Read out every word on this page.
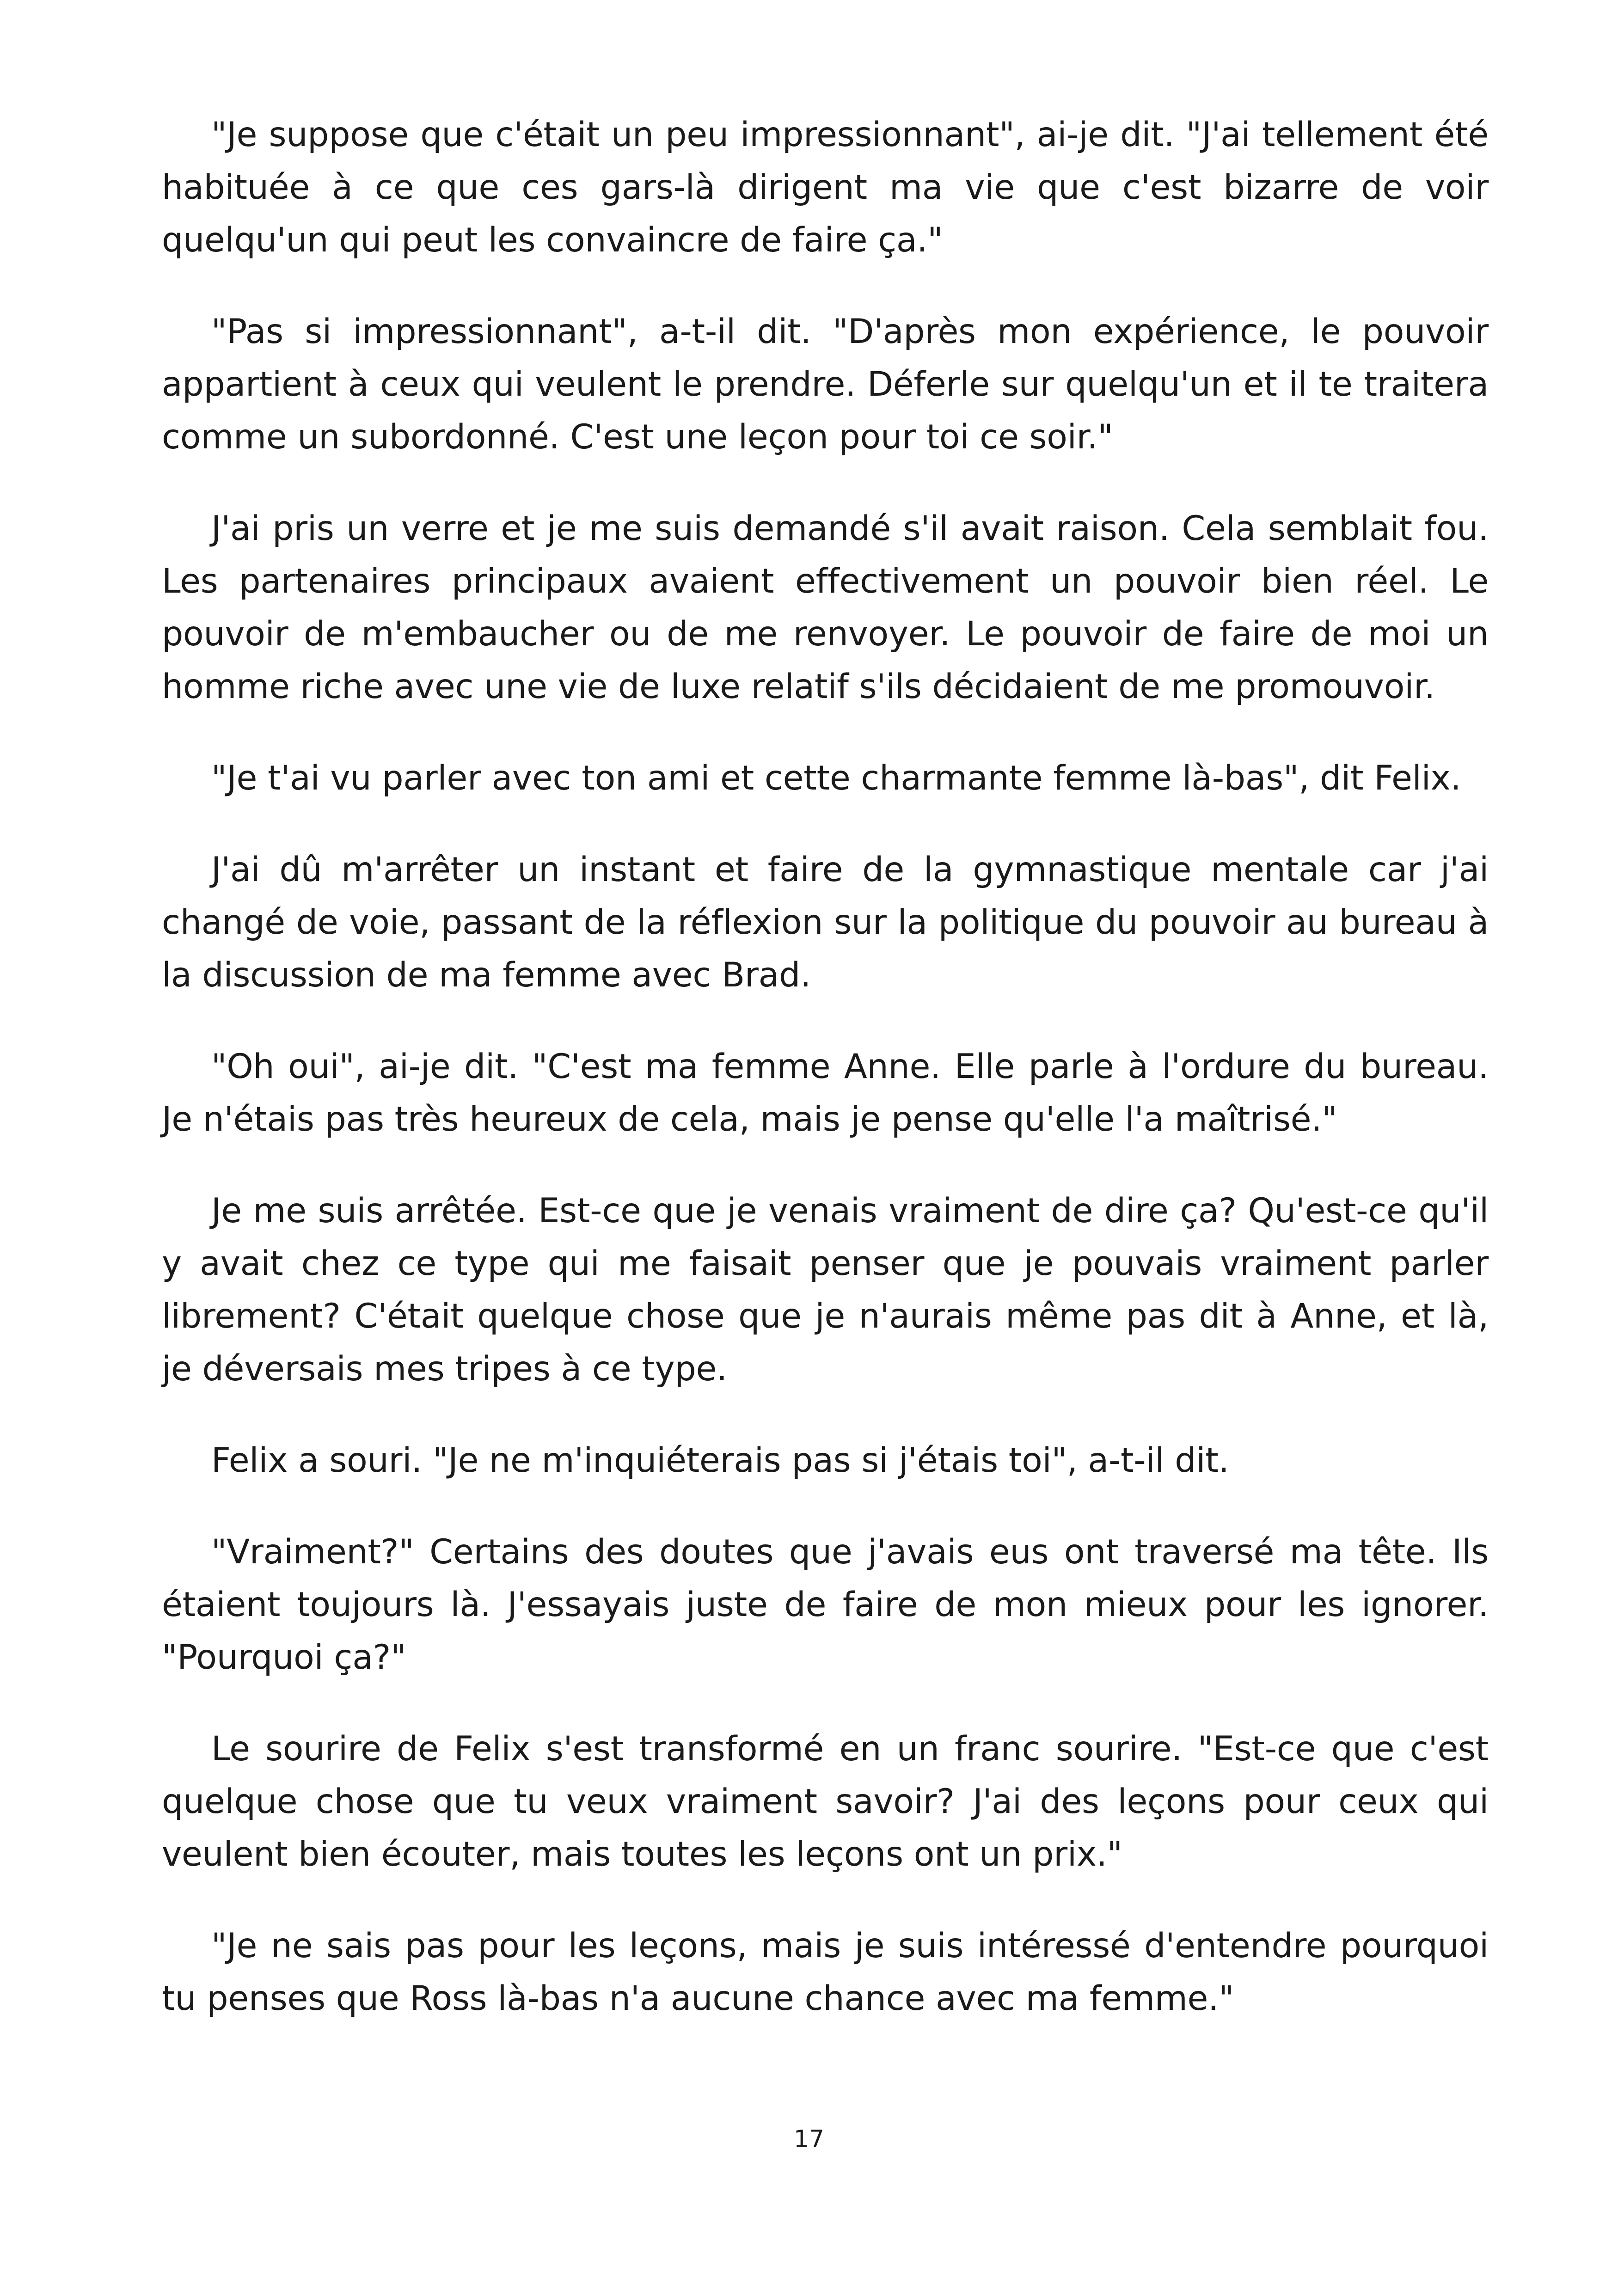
"Je suppose que c'était un peu impressionnant", ai-je dit. "J'ai tellement été habituée à ce que ces gars-là dirigent ma vie que c'est bizarre de voir quelqu'un qui peut les convaincre de faire ça."

"Pas si impressionnant", a-t-il dit. "D'après mon expérience, le pouvoir appartient à ceux qui veulent le prendre. Déferle sur quelqu'un et il te traitera comme un subordonné. C'est une leçon pour toi ce soir."

J'ai pris un verre et je me suis demandé s'il avait raison. Cela semblait fou. Les partenaires principaux avaient effectivement un pouvoir bien réel. Le pouvoir de m'embaucher ou de me renvoyer. Le pouvoir de faire de moi un homme riche avec une vie de luxe relatif s'ils décidaient de me promouvoir.

"Je t'ai vu parler avec ton ami et cette charmante femme là-bas", dit Felix.

J'ai dû m'arrêter un instant et faire de la gymnastique mentale car j'ai changé de voie, passant de la réflexion sur la politique du pouvoir au bureau à la discussion de ma femme avec Brad.

"Oh oui", ai-je dit. "C'est ma femme Anne. Elle parle à l'ordure du bureau. Je n'étais pas très heureux de cela, mais je pense qu'elle l'a maîtrisé."

Je me suis arrêtée. Est-ce que je venais vraiment de dire ça? Qu'est-ce qu'il y avait chez ce type qui me faisait penser que je pouvais vraiment parler librement? C'était quelque chose que je n'aurais même pas dit à Anne, et là, je déversais mes tripes à ce type.

Felix a souri. "Je ne m'inquiéterais pas si j'étais toi", a-t-il dit.

"Vraiment?" Certains des doutes que j'avais eus ont traversé ma tête. Ils étaient toujours là. J'essayais juste de faire de mon mieux pour les ignorer. "Pourquoi ça?"

Le sourire de Felix s'est transformé en un franc sourire. "Est-ce que c'est quelque chose que tu veux vraiment savoir? J'ai des leçons pour ceux qui veulent bien écouter, mais toutes les leçons ont un prix."

"Je ne sais pas pour les leçons, mais je suis intéressé d'entendre pourquoi tu penses que Ross là-bas n'a aucune chance avec ma femme."

17
